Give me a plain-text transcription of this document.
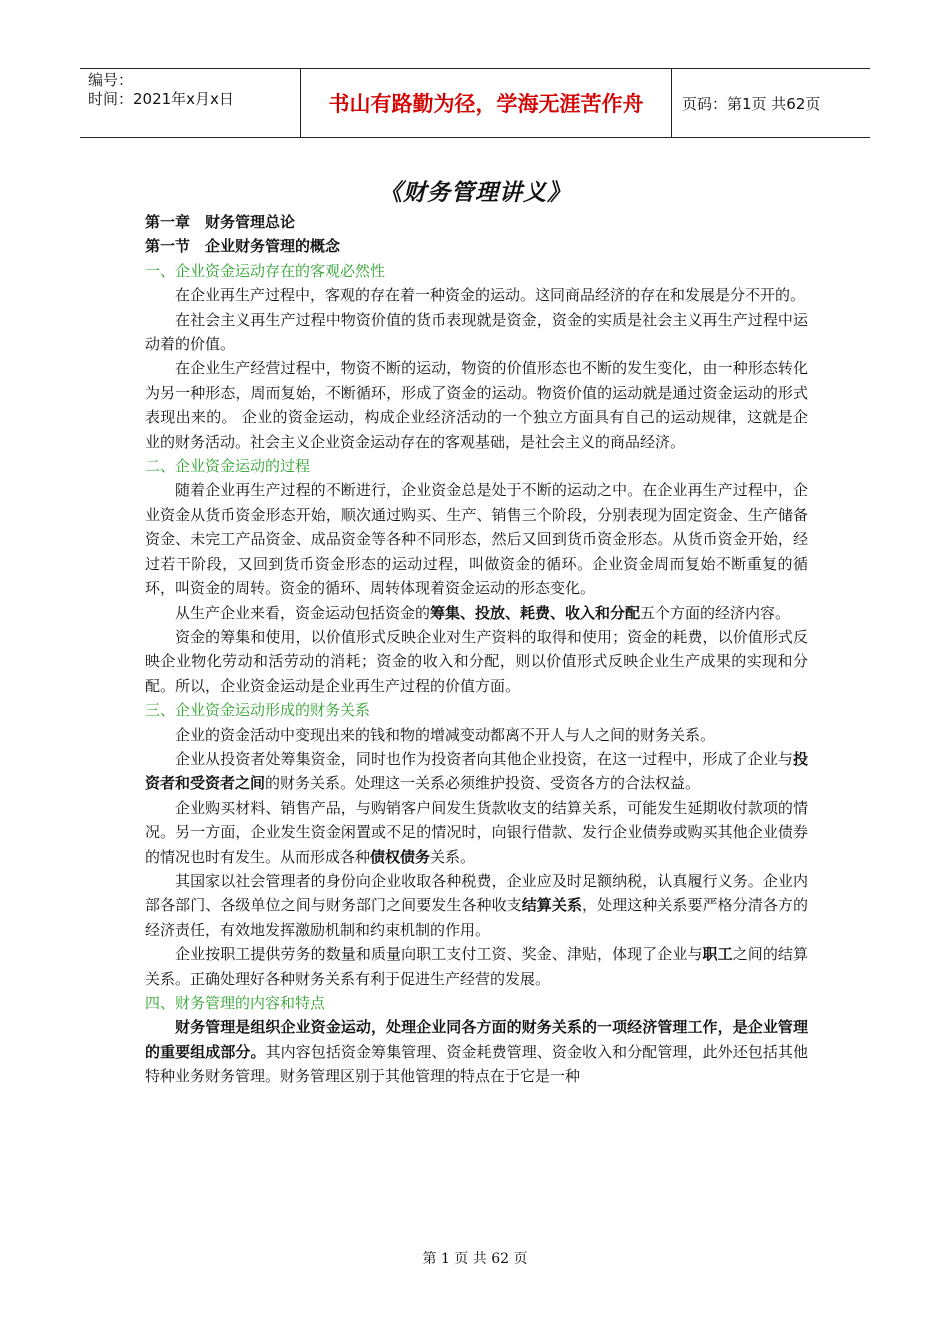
编号：
时间：2021年x月x日	书山有路勤为径，学海无涯苦作舟	页码：第1页 共62页
《财务管理讲义》

第一章　财务管理总论

第一节　企业财务管理的概念

一、企业资金运动存在的客观必然性

在企业再生产过程中，客观的存在着一种资金的运动。这同商品经济的存在和发展是分不开的。

在社会主义再生产过程中物资价值的货币表现就是资金，资金的实质是社会主义再生产过程中运动着的价值。

在企业生产经营过程中，物资不断的运动，物资的价值形态也不断的发生变化，由一种形态转化为另一种形态，周而复始，不断循环，形成了资金的运动。物资价值的运动就是通过资金运动的形式表现出来的。 企业的资金运动，构成企业经济活动的一个独立方面具有自己的运动规律，这就是企业的财务活动。社会主义企业资金运动存在的客观基础，是社会主义的商品经济。

二、企业资金运动的过程

随着企业再生产过程的不断进行，企业资金总是处于不断的运动之中。在企业再生产过程中，企业资金从货币资金形态开始，顺次通过购买、生产、销售三个阶段，分别表现为固定资金、生产储备资金、未完工产品资金、成品资金等各种不同形态，然后又回到货币资金形态。从货币资金开始，经过若干阶段，又回到货币资金形态的运动过程，叫做资金的循环。企业资金周而复始不断重复的循环，叫资金的周转。资金的循环、周转体现着资金运动的形态变化。

从生产企业来看，资金运动包括资金的筹集、投放、耗费、收入和分配五个方面的经济内容。

资金的筹集和使用，以价值形式反映企业对生产资料的取得和使用；资金的耗费，以价值形式反映企业物化劳动和活劳动的消耗；资金的收入和分配，则以价值形式反映企业生产成果的实现和分配。所以，企业资金运动是企业再生产过程的价值方面。

三、企业资金运动形成的财务关系

企业的资金活动中变现出来的钱和物的增减变动都离不开人与人之间的财务关系。

企业从投资者处筹集资金，同时也作为投资者向其他企业投资，在这一过程中，形成了企业与投资者和受资者之间的财务关系。处理这一关系必须维护投资、受资各方的合法权益。

企业购买材料、销售产品，与购销客户间发生货款收支的结算关系，可能发生延期收付款项的情况。另一方面，企业发生资金闲置或不足的情况时，向银行借款、发行企业债券或购买其他企业债券的情况也时有发生。从而形成各种债权债务关系。

其国家以社会管理者的身份向企业收取各种税费，企业应及时足额纳税，认真履行义务。企业内部各部门、各级单位之间与财务部门之间要发生各种收支结算关系，处理这种关系要严格分清各方的经济责任，有效地发挥激励机制和约束机制的作用。

企业按职工提供劳务的数量和质量向职工支付工资、奖金、津贴，体现了企业与职工之间的结算关系。正确处理好各种财务关系有利于促进生产经营的发展。

四、财务管理的内容和特点

财务管理是组织企业资金运动，处理企业同各方面的财务关系的一项经济管理工作，是企业管理的重要组成部分。其内容包括资金筹集管理、资金耗费管理、资金收入和分配管理，此外还包括其他特种业务财务管理。财务管理区别于其他管理的特点在于它是一种

第 1 页 共 62 页
